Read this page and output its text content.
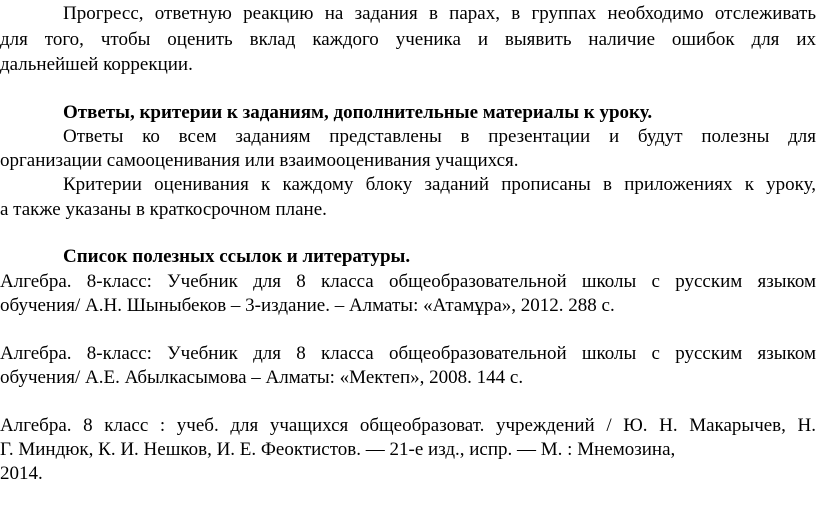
Прогресс, ответную реакцию на задания в парах, в группах необходимо отслеживать
для того, чтобы оценить вклад каждого ученика и выявить наличие ошибок для их
дальнейшей коррекции.
Ответы, критерии к заданиям, дополнительные материалы к уроку.
Ответы ко всем заданиям представлены в презентации и будут полезны для
организации самооценивания или взаимооценивания учащихся.
Критерии оценивания к каждому блоку заданий прописаны в приложениях к уроку,
а также указаны в краткосрочном плане.
Список полезных ссылок и литературы.
Алгебра. 8-класс: Учебник для 8 класса общеобразовательной школы с русским языком
обучения/ А.Н. Шыныбеков – 3-издание. – Алматы: «Атамұра», 2012. 288 с.
Алгебра. 8-класс: Учебник для 8 класса общеобразовательной школы с русским языком
обучения/ А.Е. Абылкасымова – Алматы: «Мектеп», 2008. 144 с.
Алгебра. 8 класс : учеб. для учащихся общеобразоват. учреждений / Ю. Н. Макарычев, Н.
Г. Миндюк, К. И. Нешков, И. Е. Феоктистов. — 21-е изд., испр. — М. : Мнемозина,
2014.
